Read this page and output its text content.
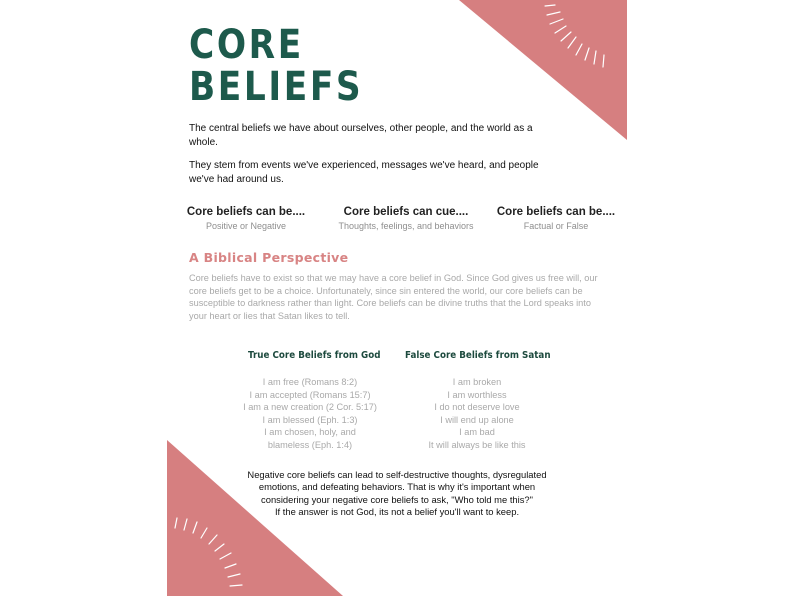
CORE
BELIEFS

The central beliefs we have about ourselves, other people, and the world as a whole.

They stem from events we've experienced, messages we've heard, and people we've had around us.

Core beliefs can be....
Positive or Negative
Core beliefs can cue....
Thoughts, feelings, and behaviors
Core beliefs can be....
Factual or False
A Biblical Perspective

Core beliefs have to exist so that we may have a core belief in God. Since God gives us free will, our core beliefs get to be a choice. Unfortunately, since sin entered the world, our core beliefs can be susceptible to darkness rather than light. Core beliefs can be divine truths that the Lord speaks into your heart or lies that Satan likes to tell.

True Core Beliefs from God
I am free (Romans 8:2)
I am accepted (Romans 15:7)
I am a new creation (2 Cor. 5:17)
I am blessed (Eph. 1:3)
I am chosen, holy, and
blameless (Eph. 1:4)
False Core Beliefs from Satan
I am broken
I am worthless
I do not deserve love
I will end up alone
I am bad
It will always be like this

Negative core beliefs can lead to self-destructive thoughts, dysregulated
emotions, and defeating behaviors. That is why it's important when
considering your negative core beliefs to ask, "Who told me this?"
If the answer is not God, its not a belief you'll want to keep.
